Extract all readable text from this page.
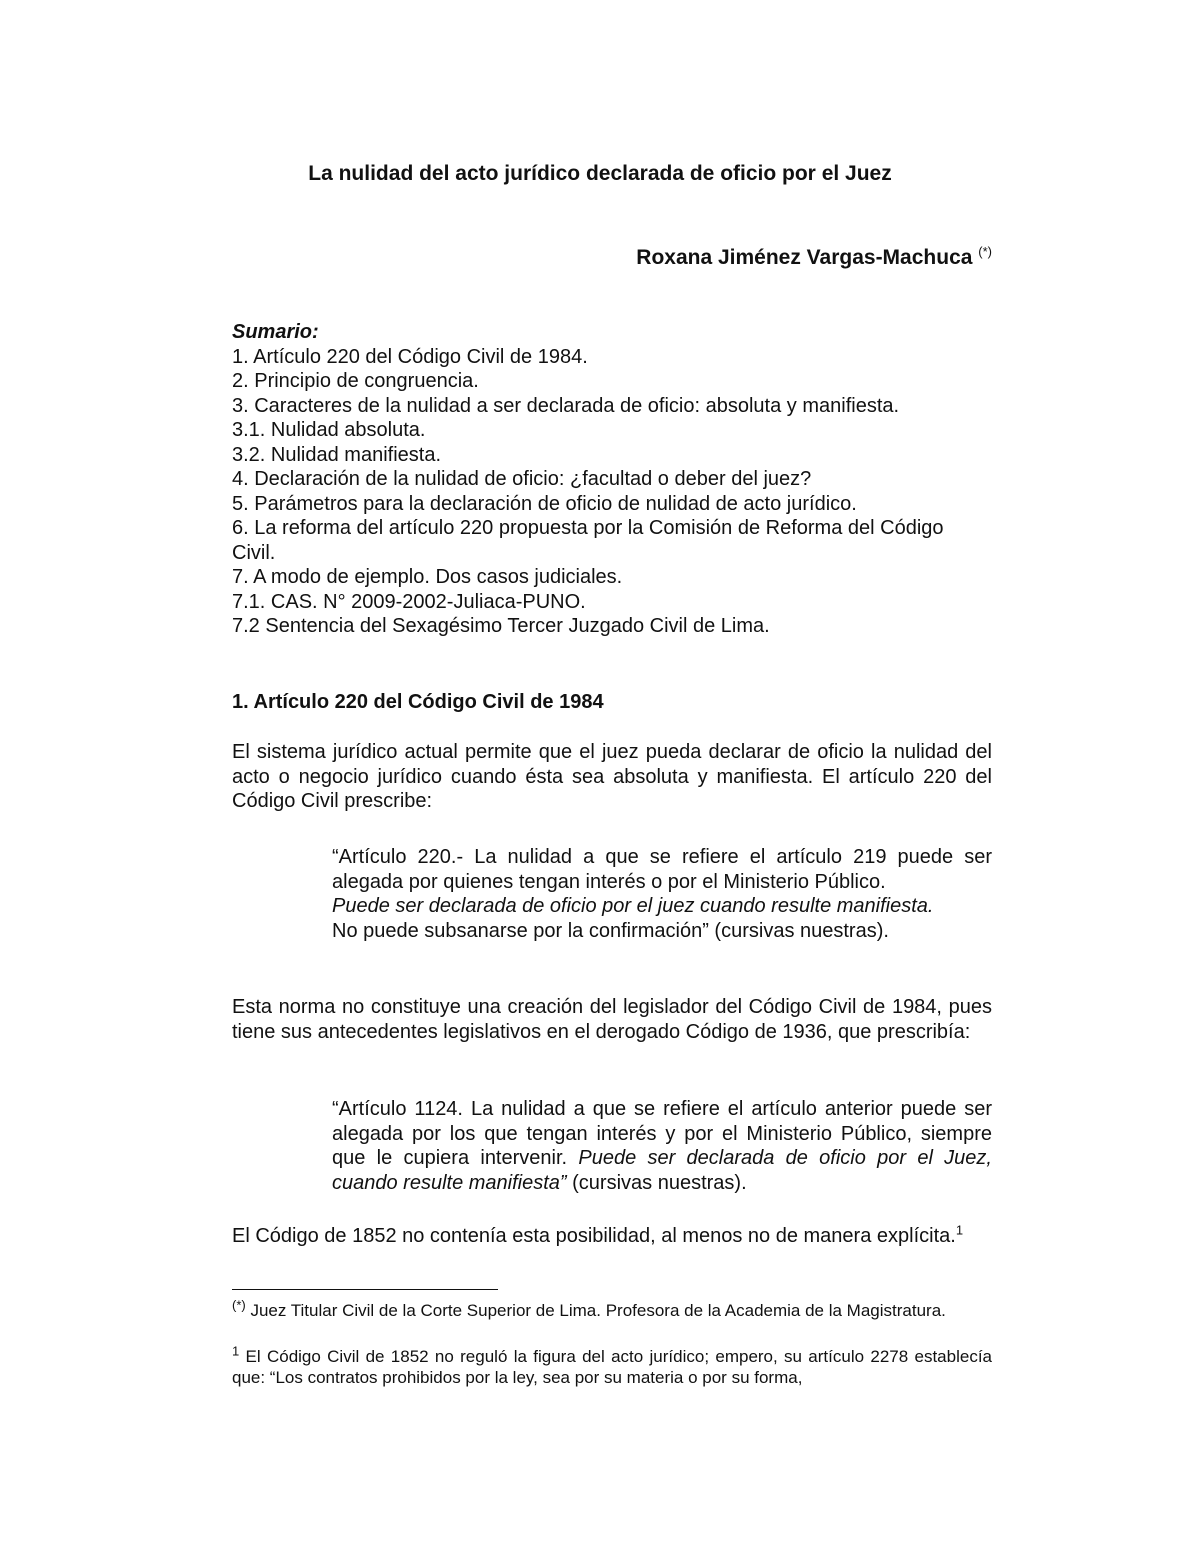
La nulidad del acto jurídico declarada de oficio por el Juez
Roxana Jiménez Vargas-Machuca (*)
Sumario:
1. Artículo 220 del Código Civil de 1984.
2. Principio de congruencia.
3. Caracteres de la nulidad a ser declarada de oficio: absoluta y manifiesta.
3.1. Nulidad absoluta.
3.2. Nulidad manifiesta.
4. Declaración de la nulidad de oficio: ¿facultad o deber del juez?
5. Parámetros para la declaración de oficio de nulidad de acto jurídico.
6. La reforma del artículo 220 propuesta por la Comisión de Reforma del Código Civil.
7. A modo de ejemplo. Dos casos judiciales.
7.1. CAS. N° 2009-2002-Juliaca-PUNO.
7.2 Sentencia del Sexagésimo Tercer Juzgado Civil de Lima.
1. Artículo 220 del Código Civil de 1984

El sistema jurídico actual permite que el juez pueda declarar de oficio la nulidad del acto o negocio jurídico cuando ésta sea absoluta y manifiesta. El artículo 220 del Código Civil prescribe:

“Artículo 220.- La nulidad a que se refiere el artículo 219 puede ser alegada por quienes tengan interés o por el Ministerio Público.

Puede ser declarada de oficio por el juez cuando resulte manifiesta.

No puede subsanarse por la confirmación” (cursivas nuestras).

Esta norma no constituye una creación del legislador del Código Civil de 1984, pues tiene sus antecedentes legislativos en el derogado Código de 1936, que prescribía:

“Artículo 1124. La nulidad a que se refiere el artículo anterior puede ser alegada por los que tengan interés y por el Ministerio Público, siempre que le cupiera intervenir. Puede ser declarada de oficio por el Juez, cuando resulte manifiesta” (cursivas nuestras).

El Código de 1852 no contenía esta posibilidad, al menos no de manera explícita.$^1$

(*) Juez Titular Civil de la Corte Superior de Lima. Profesora de la Academia de la Magistratura.

$^1$ El Código Civil de 1852 no reguló la figura del acto jurídico; empero, su artículo 2278 establecía que: “Los contratos prohibidos por la ley, sea por su materia o por su forma,
